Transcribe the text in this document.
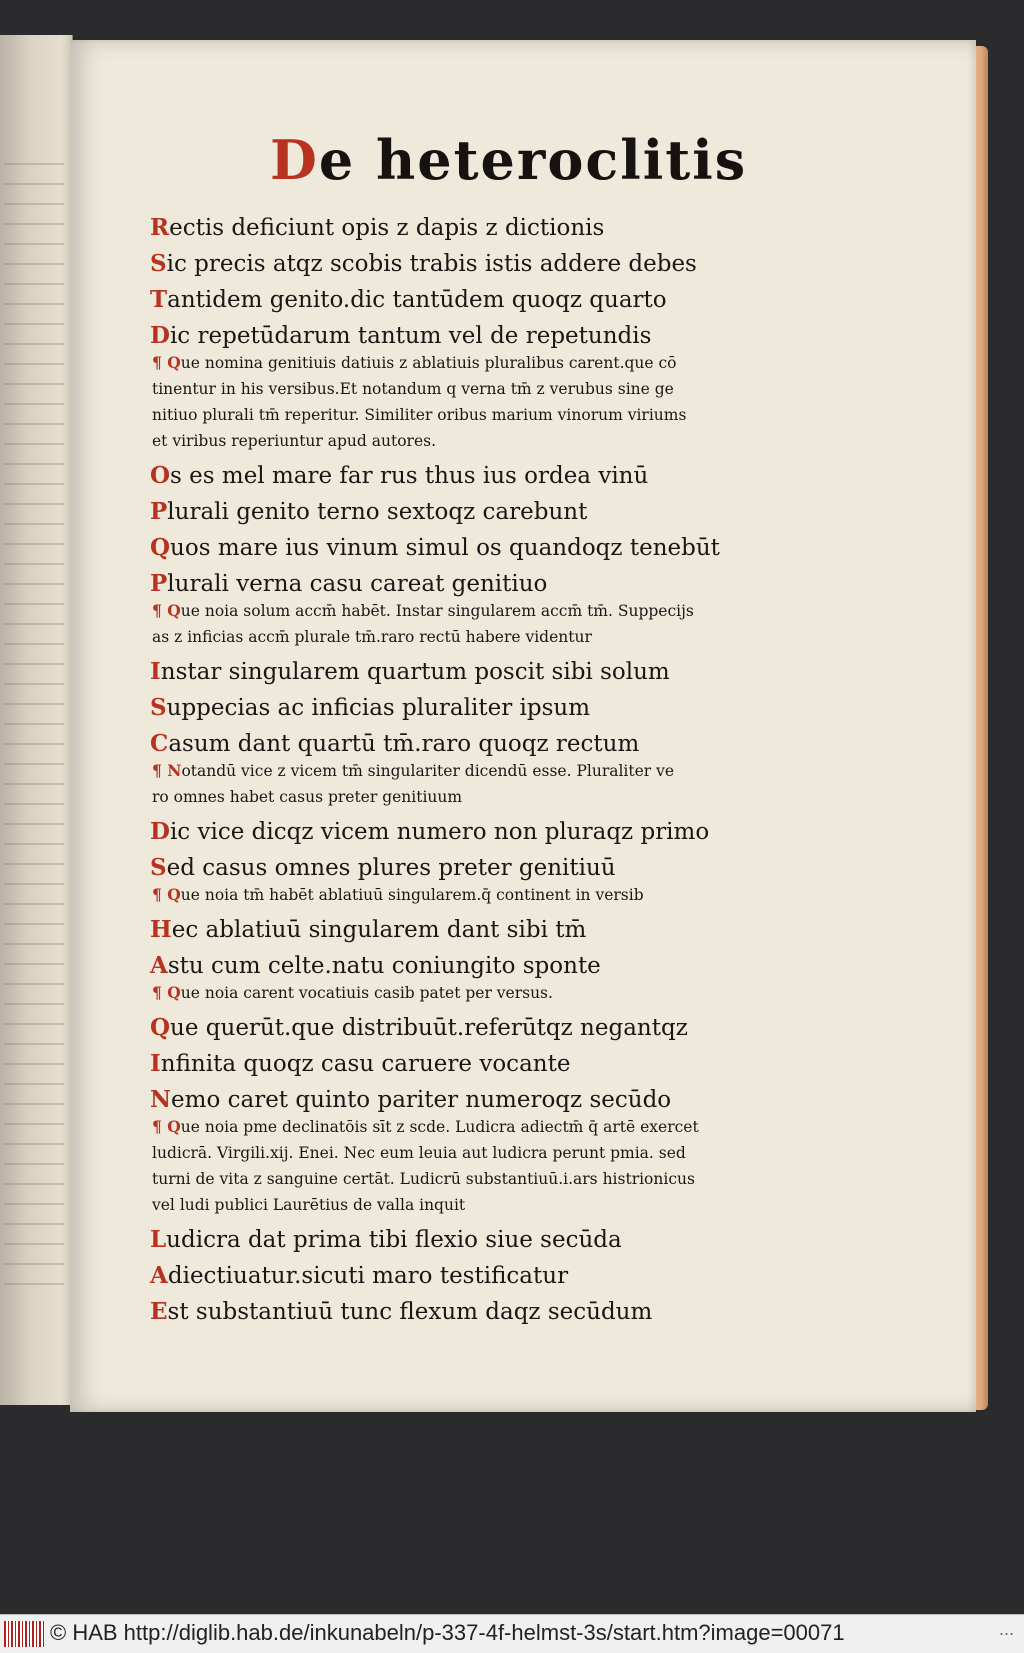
De heteroclitis
Rectis deficiunt opis z dapis z dictionis
Sic precis atqz scobis trabis istis addere debes
Tantidem genito.dic tantūdem quoqz quarto
Dic repetūdarum tantum vel de repetundis
¶ Que nomina genitiuis datiuis z ablatiuis pluralibus carent.que cō
tinentur in his versibus.Et notandum q verna tm̄ z verubus sine ge
nitiuo plurali tm̄ reperitur. Similiter oribus marium vinorum viriums
et viribus reperiuntur apud autores.
Os es mel mare far rus thus ius ordea vinū
Plurali genito terno sextoqz carebunt
Quos mare ius vinum simul os quandoqz tenebūt
Plurali verna casu careat genitiuo
¶ Que noia solum accm̄ habēt. Instar singularem accm̄ tm̄. Suppecijs
as z inficias accm̄ plurale tm̄.raro rectū habere videntur
Instar singularem quartum poscit sibi solum
Suppecias ac inficias pluraliter ipsum
Casum dant quartū tm̄.raro quoqz rectum
¶ Notandū vice z vicem tm̄ singulariter dicendū esse. Pluraliter ve
ro omnes habet casus preter genitiuum
Dic vice dicqz vicem numero non pluraqz primo
Sed casus omnes plures preter genitiuū
¶ Que noia tm̄ habēt ablatiuū singularem.q̄ continent in versib
Hec ablatiuū singularem dant sibi tm̄
Astu cum celte.natu coniungito sponte
¶ Que noia carent vocatiuis casib patet per versus.
Que querūt.que distribuūt.referūtqz negantqz
Infinita quoqz casu caruere vocante
Nemo caret quinto pariter numeroqz secūdo
¶ Que noia pme declinatōis sīt z scde. Ludicra adiectm̄ q̄ artē exercet
ludicrā. Virgili.xij. Enei. Nec eum leuia aut ludicra perunt pmia. sed
turni de vita z sanguine certāt. Ludicrū substantiuū.i.ars histrionicus
vel ludi publici Laurētius de valla inquit
Ludicra dat prima tibi flexio siue secūda
Adiectiuatur.sicuti maro testificatur
Est substantiuū tunc flexum daqz secūdum
© HAB http://diglib.hab.de/inkunabeln/p-337-4f-helmst-3s/start.htm?image=00071	...
